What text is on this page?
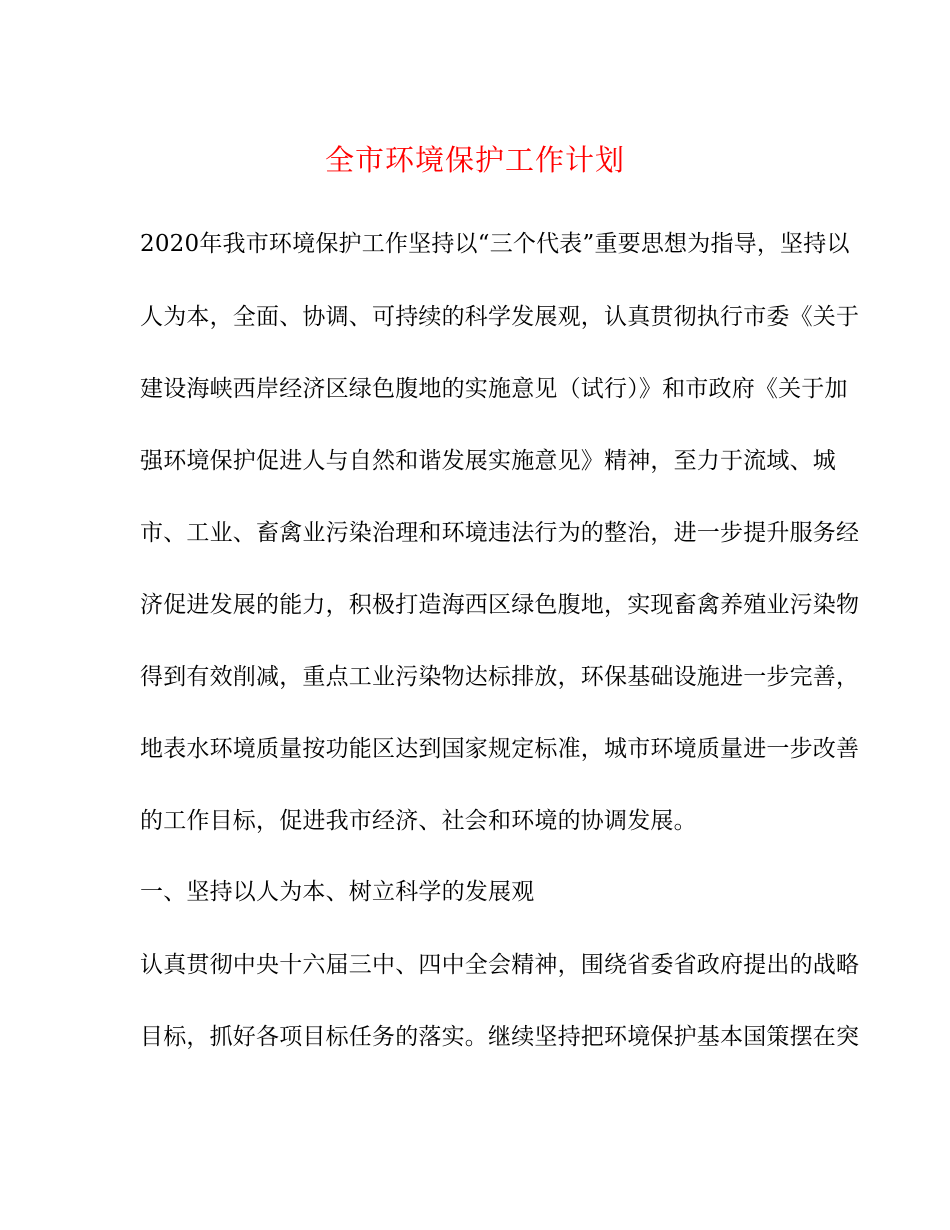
全市环境保护工作计划
2020年我市环境保护工作坚持以“三个代表”重要思想为指导，坚持以
人为本，全面、协调、可持续的科学发展观，认真贯彻执行市委《关于
建设海峡西岸经济区绿色腹地的实施意见（试行）》和市政府《关于加
强环境保护促进人与自然和谐发展实施意见》精神，至力于流域、城
市、工业、畜禽业污染治理和环境违法行为的整治，进一步提升服务经
济促进发展的能力，积极打造海西区绿色腹地，实现畜禽养殖业污染物
得到有效削减，重点工业污染物达标排放，环保基础设施进一步完善，
地表水环境质量按功能区达到国家规定标准，城市环境质量进一步改善
的工作目标，促进我市经济、社会和环境的协调发展。
一、坚持以人为本、树立科学的发展观
认真贯彻中央十六届三中、四中全会精神，围绕省委省政府提出的战略
目标，抓好各项目标任务的落实。继续坚持把环境保护基本国策摆在突
